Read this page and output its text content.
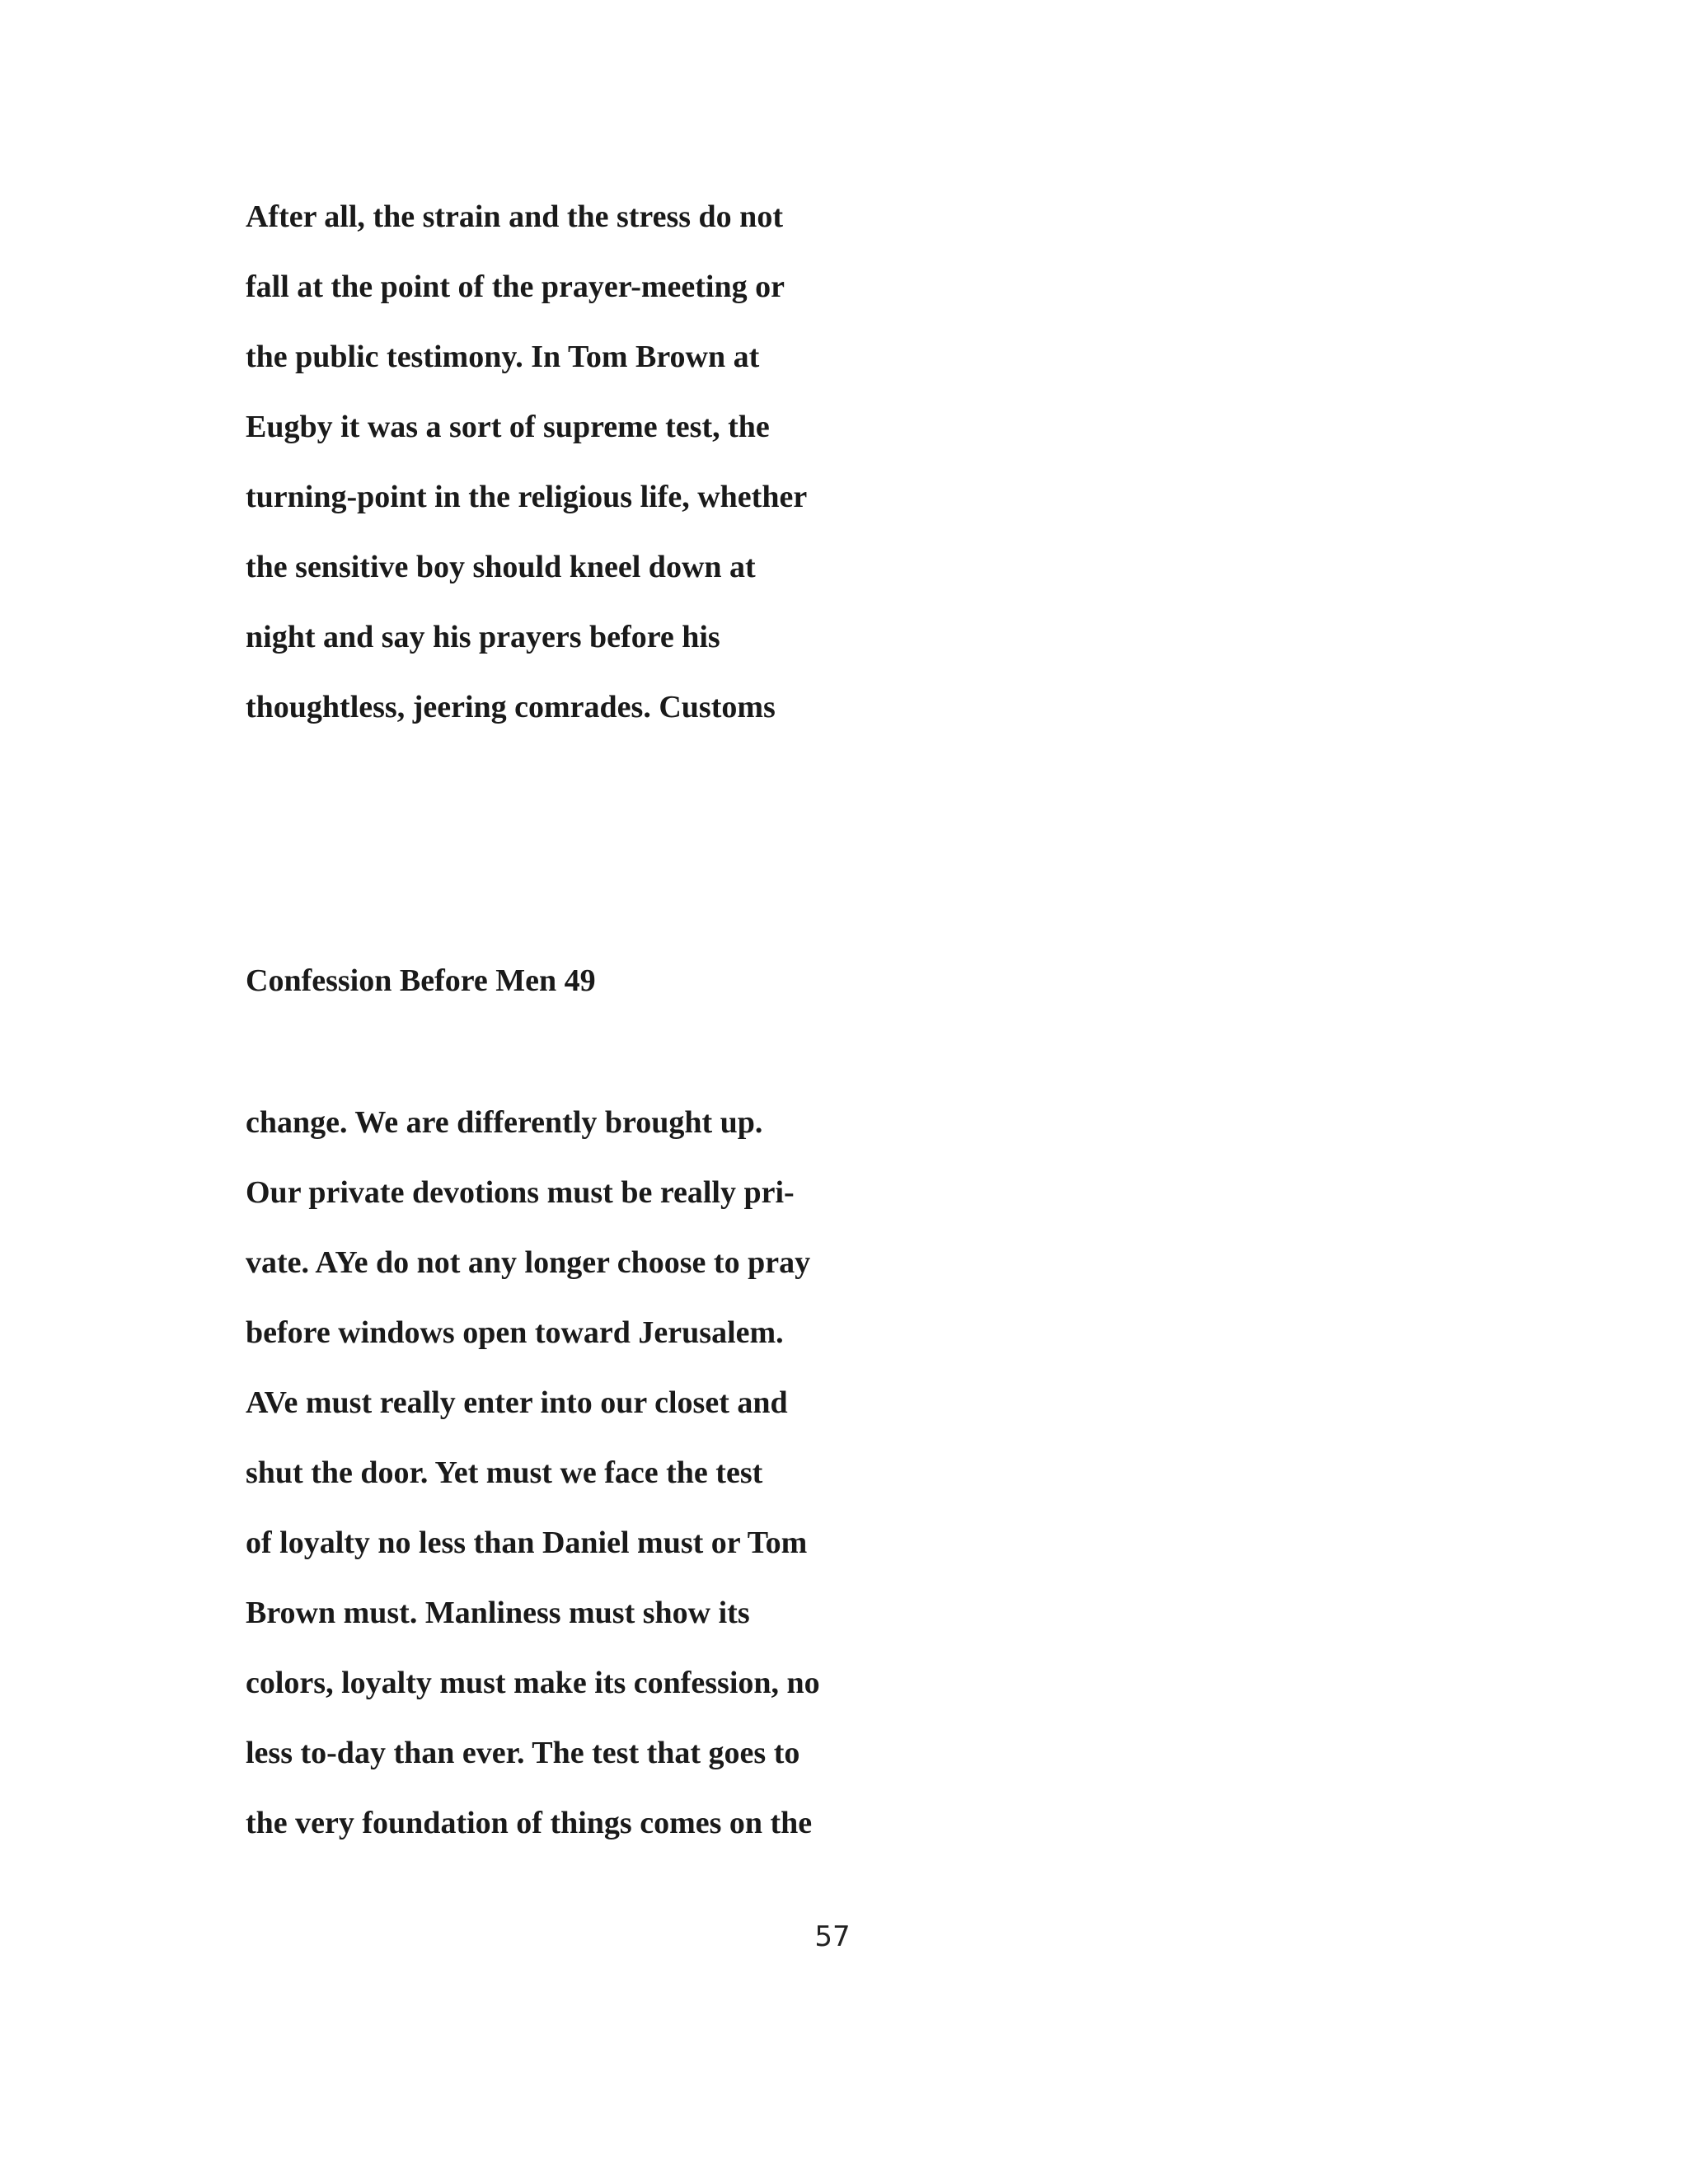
After all, the strain and the stress do not
fall at the point of the prayer-meeting or
the public testimony. In Tom Brown at
Eugby it was a sort of supreme test, the
turning-point in the religious life, whether
the sensitive boy should kneel down at
night and say his prayers before his
thoughtless, jeering comrades. Customs
Confession Before Men 49
change. We are differently brought up.
Our private devotions must be really pri-
vate. AYe do not any longer choose to pray
before windows open toward Jerusalem.
AVe must really enter into our closet and
shut the door. Yet must we face the test
of loyalty no less than Daniel must or Tom
Brown must. Manliness must show its
colors, loyalty must make its confession, no
less to-day than ever. The test that goes to
the very foundation of things comes on the
57
